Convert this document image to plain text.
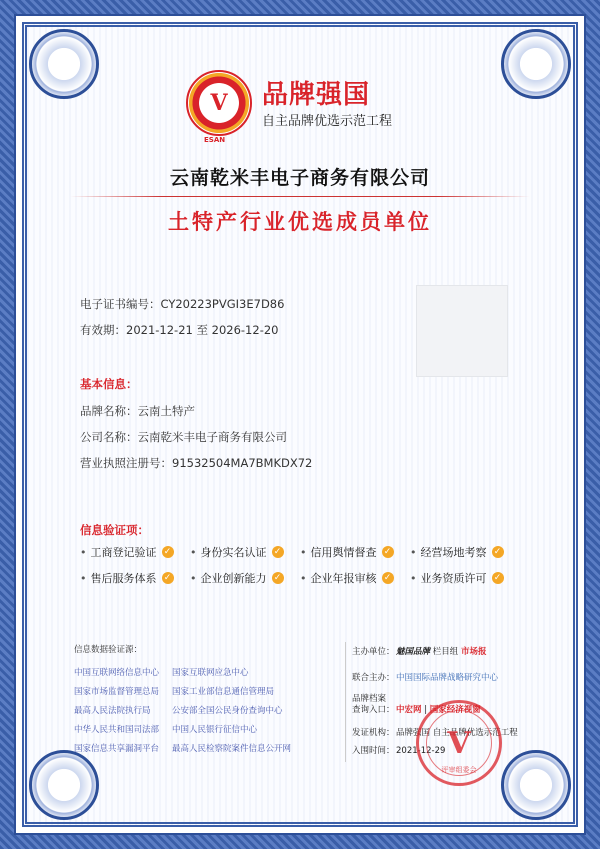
V
ESAN
品牌强国
自主品牌优选示范工程
云南乾米丰电子商务有限公司
土特产行业优选成员单位
电子证书编号：CY20223PVGI3E7D86
有效期：2021-12-21 至 2026-12-20
基本信息：
品牌名称：云南土特产
公司名称：云南乾米丰电子商务有限公司
营业执照注册号：91532504MA7BMKDX72
信息验证项：
• 工商登记验证 ✓ • 身份实名认证 ✓ • 信用舆情督查 ✓ • 经营场地考察 ✓
• 售后服务体系 ✓ • 企业创新能力 ✓ • 企业年报审核 ✓ • 业务资质许可 ✓
信息数据验证源：
中国互联网络信息中心 国家互联网应急中心
国家市场监督管理总局 国家工业部信息通信管理局
最高人民法院执行局	公安部全国公民身份查询中心
中华人民共和国司法部 中国人民银行征信中心
国家信息共享漏洞平台 最高人民检察院案件信息公开网
主办单位：魅国品牌 栏目组 市场报
联合主办：中国国际品牌战略研究中心
品牌档案
查询入口：中宏网 | 国家经济视窗
发证机构：品牌强国 自主品牌优选示范工程
入围时间：2021-12-29 V
评审组委会
